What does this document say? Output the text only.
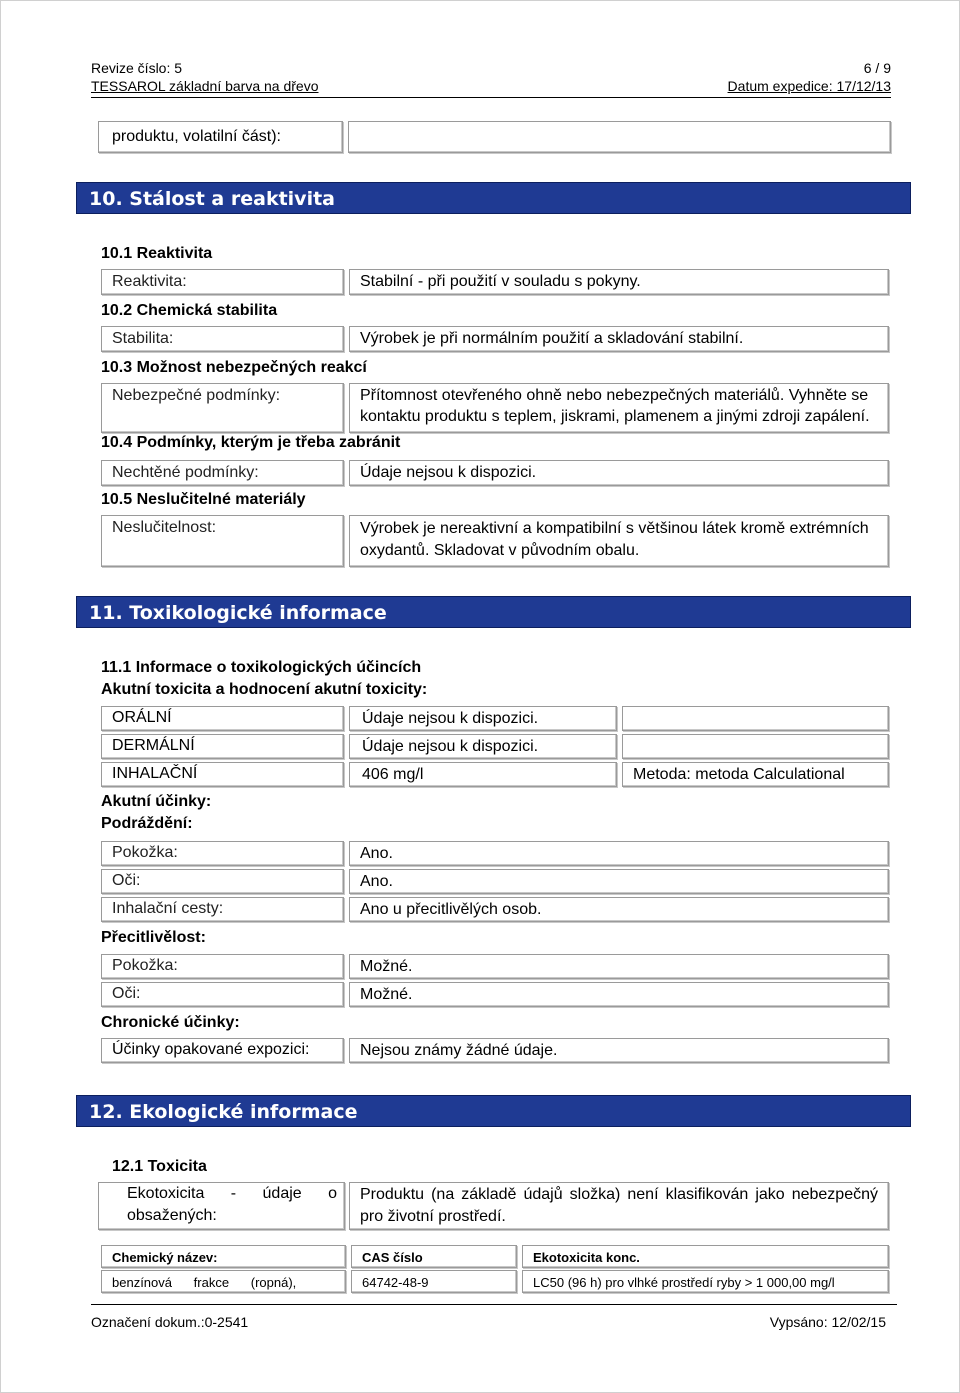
Revize číslo: 5	6 / 9
TESSAROL základní barva na dřevo	Datum expedice: 17/12/13
produktu, volatilní část):
10. Stálost a reaktivita
10.1 Reaktivita
Reaktivita:	Stabilní - při použití v souladu s pokyny.
10.2 Chemická stabilita
Stabilita:	Výrobek je při normálním použití a skladování stabilní.
10.3 Možnost nebezpečných reakcí
Nebezpečné podmínky:	Přítomnost otevřeného ohně nebo nebezpečných materiálů. Vyhněte se
kontaktu produktu s teplem, jiskrami, plamenem a jinými zdroji zapálení.
10.4 Podmínky, kterým je třeba zabránit
Nechtěné podmínky:	Údaje nejsou k dispozici.
10.5 Neslučitelné materiály
Neslučitelnost:	Výrobek je nereaktivní a kompatibilní s většinou látek kromě extrémních
oxydantů. Skladovat v původním obalu.
11. Toxikologické informace
11.1 Informace o toxikologických účincích
Akutní toxicita a hodnocení akutní toxicity:
ORÁLNÍ	Údaje nejsou k dispozici.
DERMÁLNÍ	Údaje nejsou k dispozici.
INHALAČNÍ	406 mg/l	Metoda: metoda Calculational
Akutní účinky:
Podráždění:
Pokožka:	Ano.
Oči:	Ano.
Inhalační cesty:	Ano u přecitlivělých osob.
Přecitlivělost:
Pokožka:	Možné.
Oči:	Možné.
Chronické účinky:
Účinky opakované expozici:	Nejsou známy žádné údaje.
12. Ekologické informace
12.1 Toxicita
Ekotoxicita - údaje o
obsažených:
Produktu (na základě údajů složka) není klasifikován jako nebezpečný
pro životní prostředí.
Chemický název:	CAS číslo	Ekotoxicita konc.
benzínová      frakce      (ropná),	64742-48-9	LC50 (96 h) pro vlhké prostředí ryby > 1 000,00 mg/l
Označení dokum.:0-2541	Vypsáno: 12/02/15
